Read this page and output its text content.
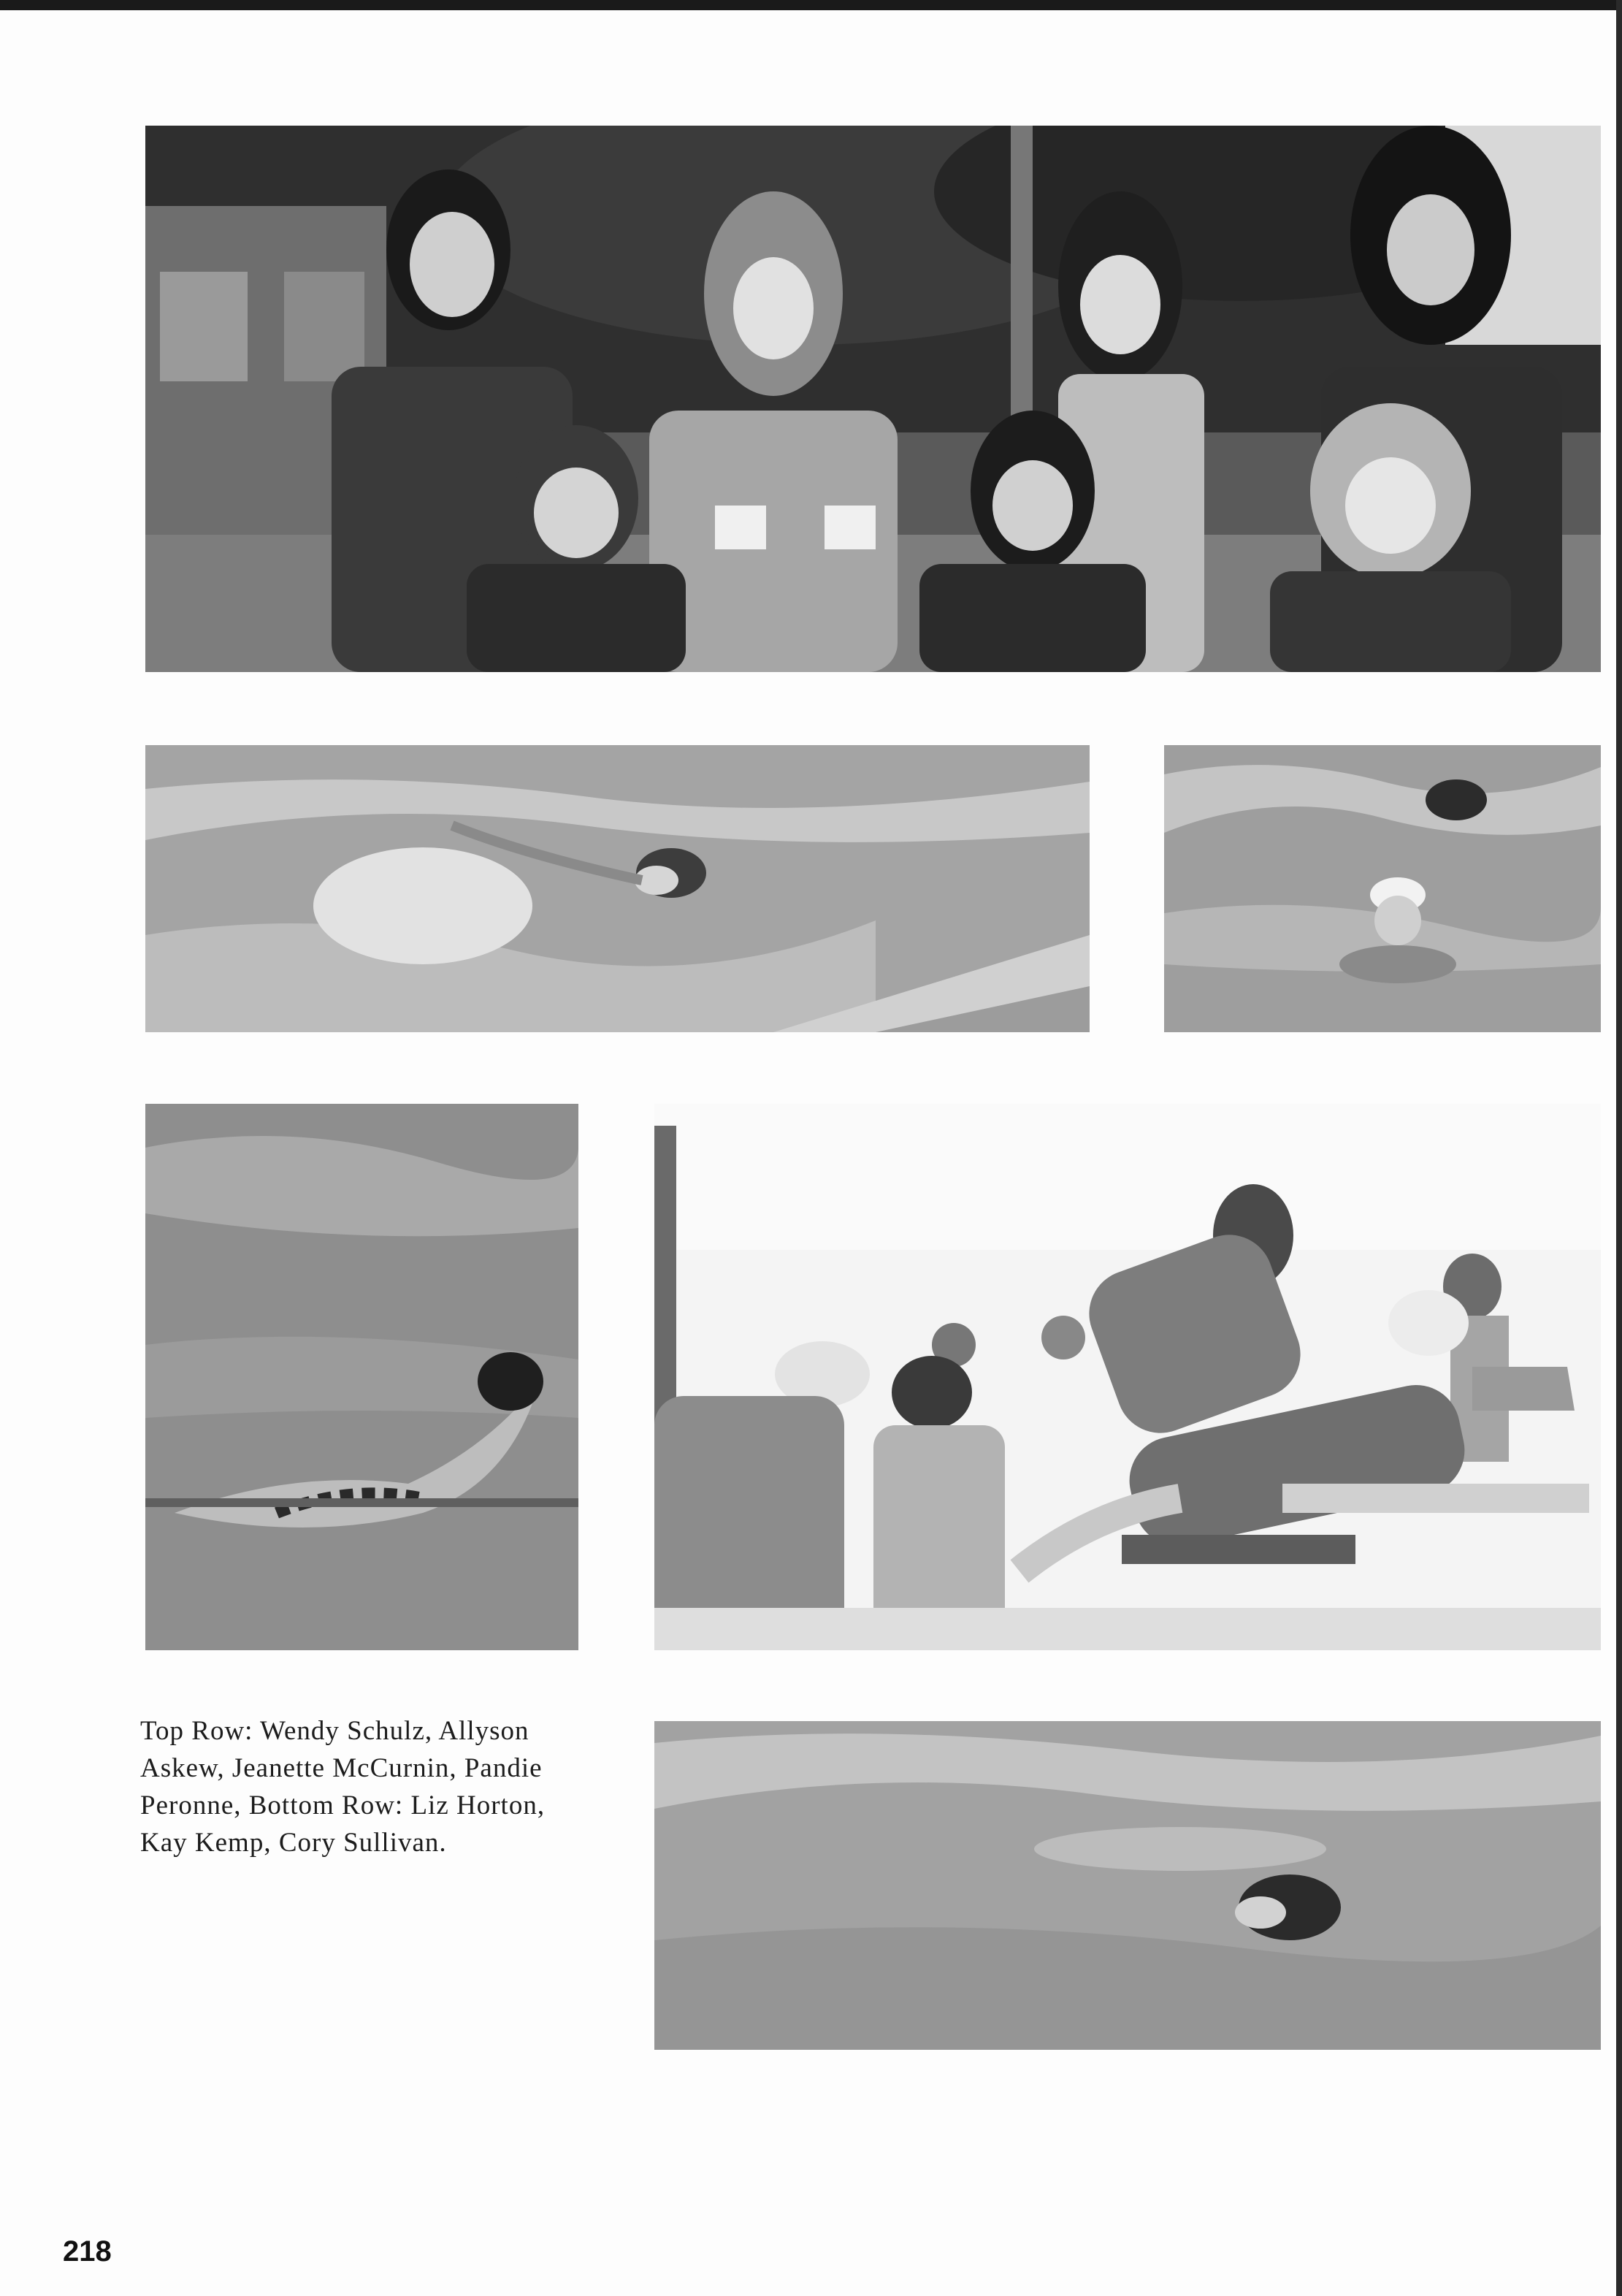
Top Row: Wendy Schulz, Allyson
Askew, Jeanette McCurnin, Pandie
Peronne, Bottom Row: Liz Horton,
Kay Kemp, Cory Sullivan.

218
